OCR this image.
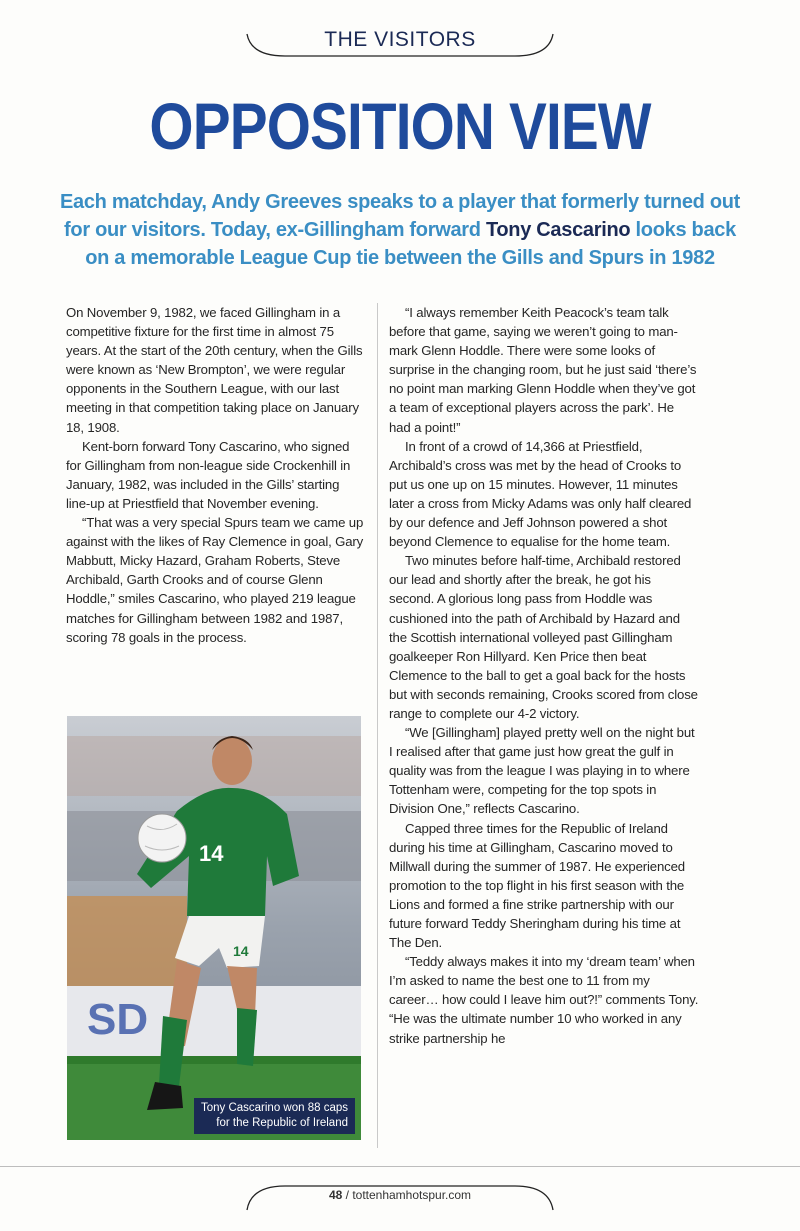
THE VISITORS
OPPOSITION VIEW
Each matchday, Andy Greeves speaks to a player that formerly turned out for our visitors. Today, ex-Gillingham forward Tony Cascarino looks back on a memorable League Cup tie between the Gills and Spurs in 1982

On November 9, 1982, we faced Gillingham in a competitive fixture for the first time in almost 75 years. At the start of the 20th century, when the Gills were known as ‘New Brompton’, we were regular opponents in the Southern League, with our last meeting in that competition taking place on January 18, 1908.

Kent-born forward Tony Cascarino, who signed for Gillingham from non-league side Crockenhill in January, 1982, was included in the Gills’ starting line-up at Priestfield that November evening.

“That was a very special Spurs team we came up against with the likes of Ray Clemence in goal, Gary Mabbutt, Micky Hazard, Graham Roberts, Steve Archibald, Garth Crooks and of course Glenn Hoddle,” smiles Cascarino, who played 219 league matches for Gillingham between 1982 and 1987, scoring 78 goals in the process.

“I always remember Keith Peacock’s team talk before that game, saying we weren’t going to man-mark Glenn Hoddle. There were some looks of surprise in the changing room, but he just said ‘there’s no point man marking Glenn Hoddle when they’ve got a team of exceptional players across the park’. He had a point!”

In front of a crowd of 14,366 at Priestfield, Archibald’s cross was met by the head of Crooks to put us one up on 15 minutes. However, 11 minutes later a cross from Micky Adams was only half cleared by our defence and Jeff Johnson powered a shot beyond Clemence to equalise for the home team.

Two minutes before half-time, Archibald restored our lead and shortly after the break, he got his second. A glorious long pass from Hoddle was cushioned into the path of Archibald by Hazard and the Scottish international volleyed past Gillingham goalkeeper Ron Hillyard. Ken Price then beat Clemence to the ball to get a goal back for the hosts but with seconds remaining, Crooks scored from close range to complete our 4-2 victory.

“We [Gillingham] played pretty well on the night but I realised after that game just how great the gulf in quality was from the league I was playing in to where Tottenham were, competing for the top spots in Division One,” reflects Cascarino.

Capped three times for the Republic of Ireland during his time at Gillingham, Cascarino moved to Millwall during the summer of 1987. He experienced promotion to the top flight in his first season with the Lions and formed a fine strike partnership with our future forward Teddy Sheringham during his time at The Den.

“Teddy always makes it into my ‘dream team’ when I’m asked to name the best one to 11 from my career… how could I leave him out?!” comments Tony. “He was the ultimate number 10 who worked in any strike partnership he

SD
14
14
Tony Cascarino won 88 caps
for the Republic of Ireland
48 / tottenhamhotspur.com
